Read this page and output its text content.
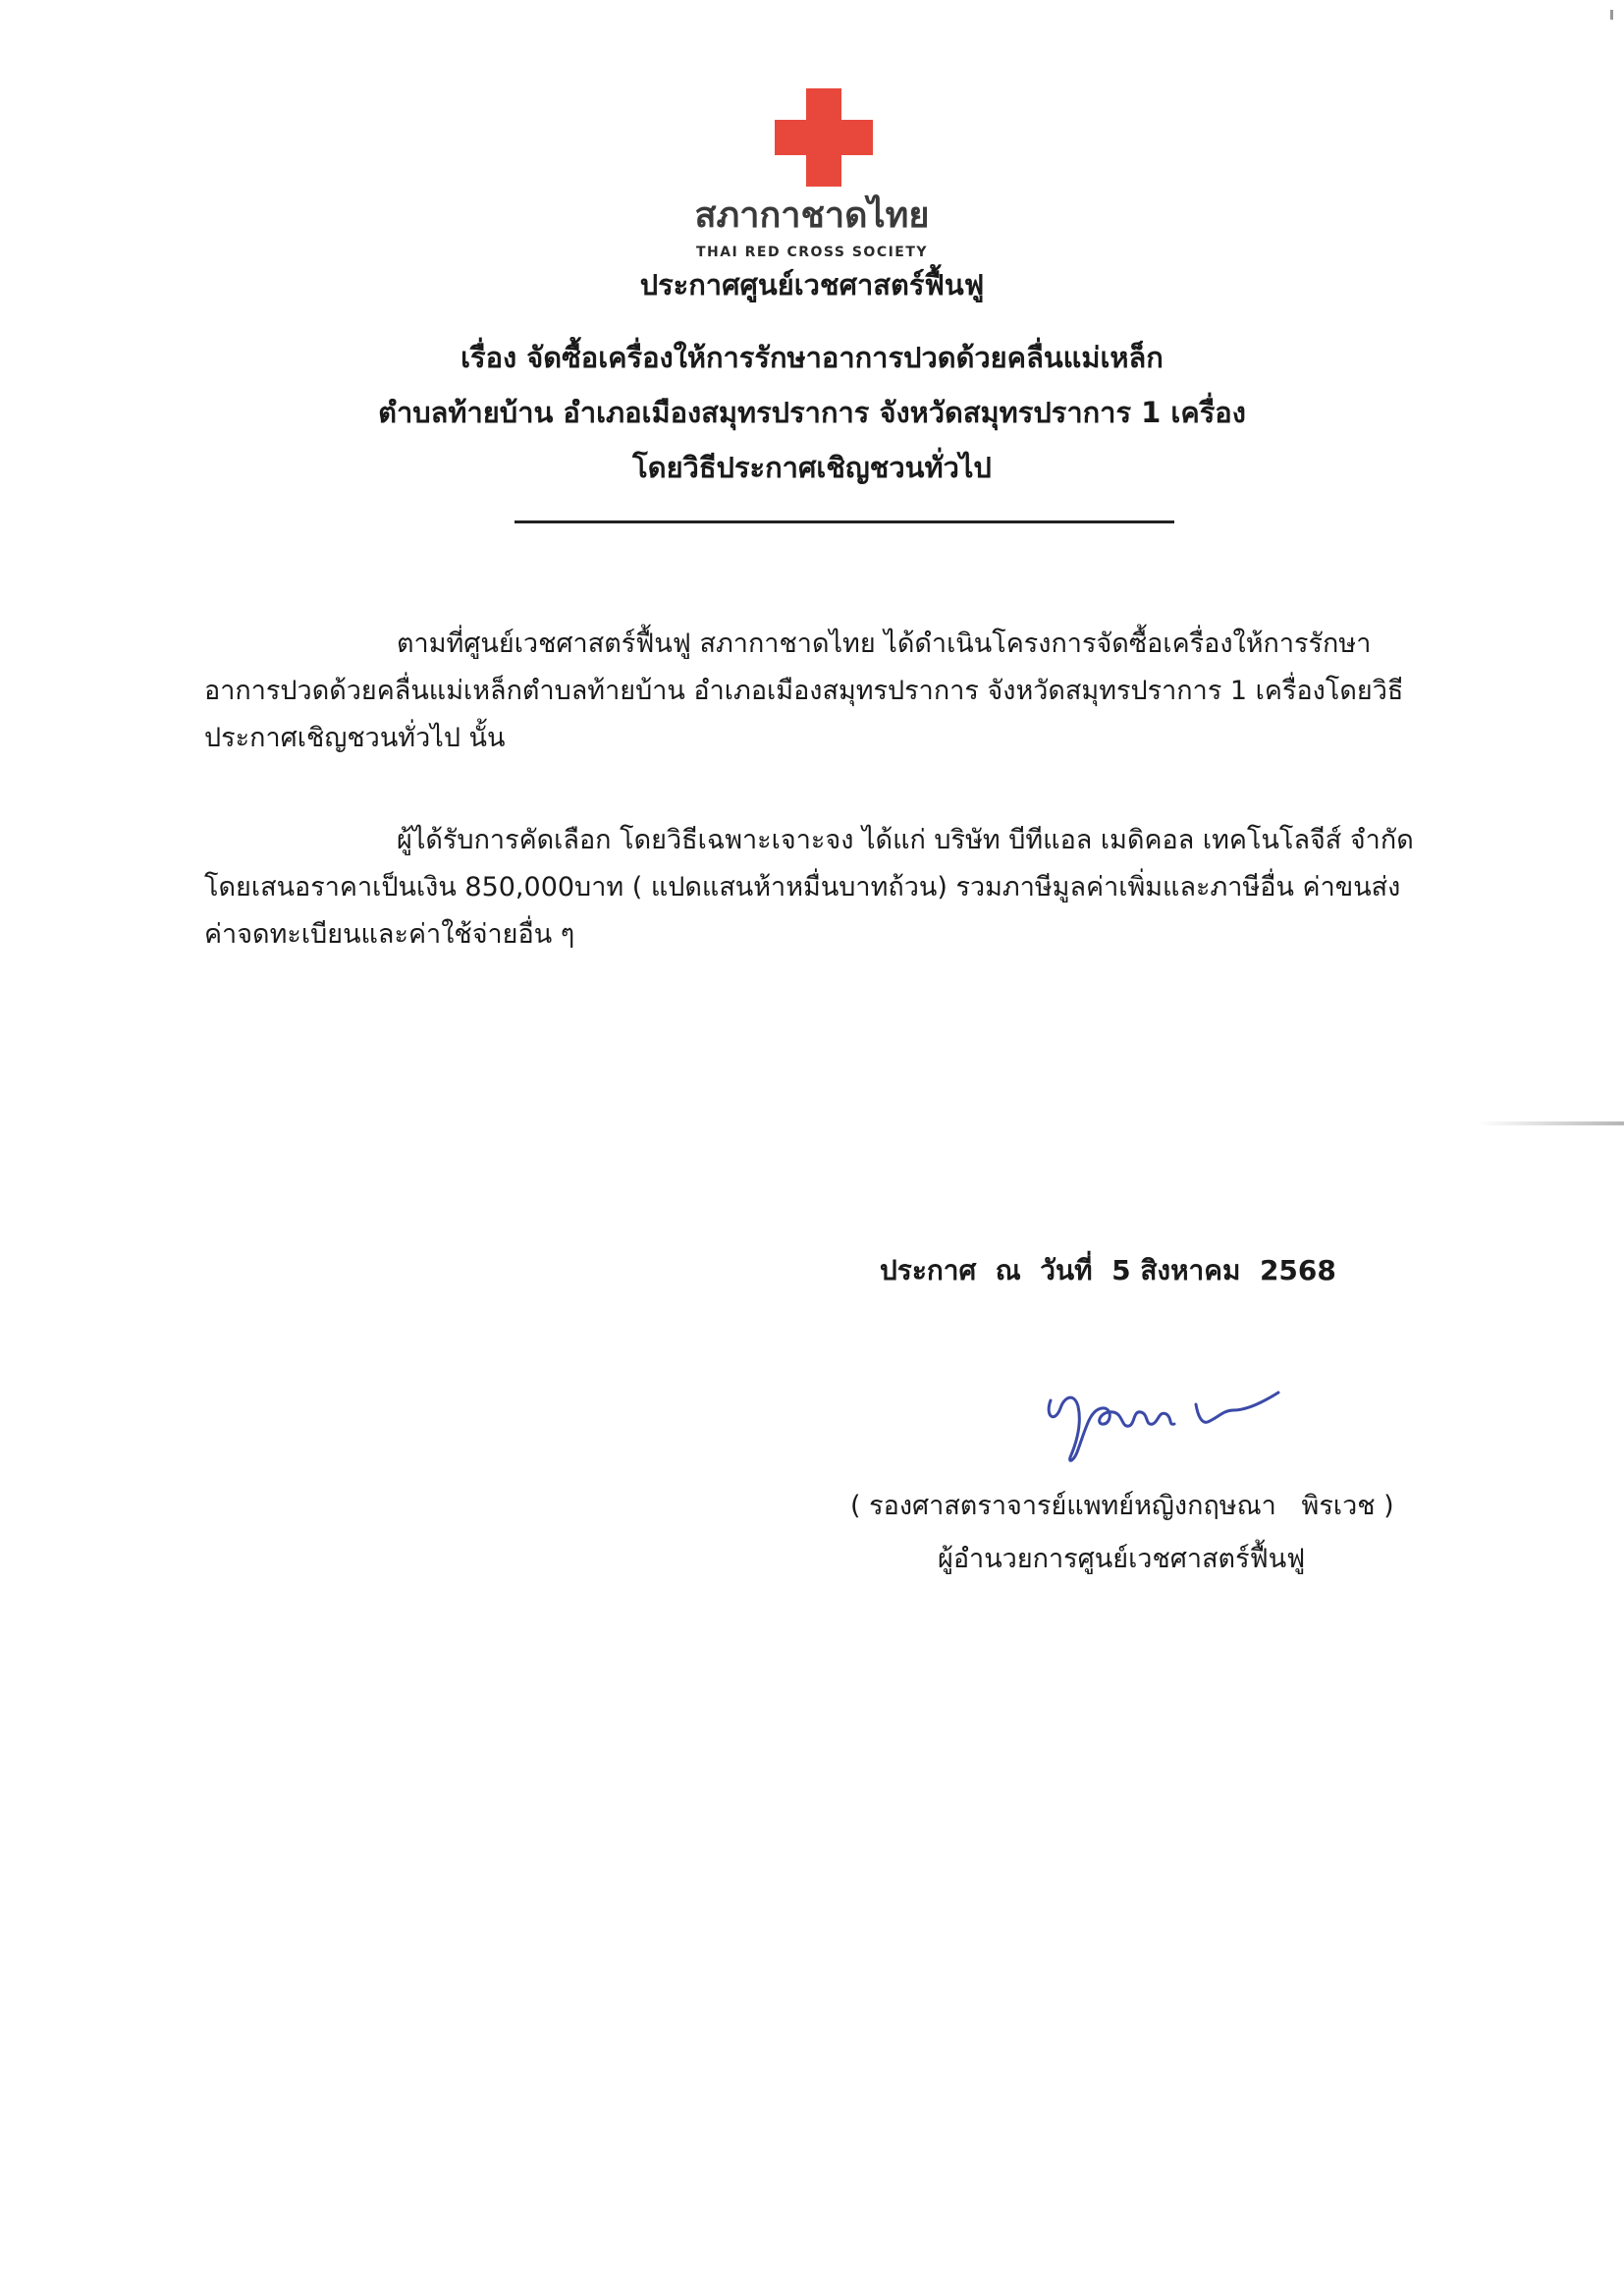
สภากาชาดไทย
THAI RED CROSS SOCIETY
ประกาศศูนย์เวชศาสตร์ฟื้นฟู
เรื่อง จัดซื้อเครื่องให้การรักษาอาการปวดด้วยคลื่นแม่เหล็ก
ตำบลท้ายบ้าน อำเภอเมืองสมุทรปราการ จังหวัดสมุทรปราการ 1 เครื่อง
โดยวิธีประกาศเชิญชวนทั่วไป
ตามที่ศูนย์เวชศาสตร์ฟื้นฟู สภากาชาดไทย ได้ดำเนินโครงการจัดซื้อเครื่องให้การรักษา
อาการปวดด้วยคลื่นแม่เหล็กตำบลท้ายบ้าน อำเภอเมืองสมุทรปราการ จังหวัดสมุทรปราการ 1 เครื่องโดยวิธี
ประกาศเชิญชวนทั่วไป นั้น
ผู้ได้รับการคัดเลือก โดยวิธีเฉพาะเจาะจง ได้แก่ บริษัท บีทีแอล เมดิคอล เทคโนโลจีส์ จำกัด
โดยเสนอราคาเป็นเงิน 850,000บาท ( แปดแสนห้าหมื่นบาทถ้วน) รวมภาษีมูลค่าเพิ่มและภาษีอื่น ค่าขนส่ง
ค่าจดทะเบียนและค่าใช้จ่ายอื่น ๆ
ประกาศ  ณ  วันที่  5 สิงหาคม  2568
( รองศาสตราจารย์แพทย์หญิงกฤษณา   พิรเวช )
ผู้อำนวยการศูนย์เวชศาสตร์ฟื้นฟู
